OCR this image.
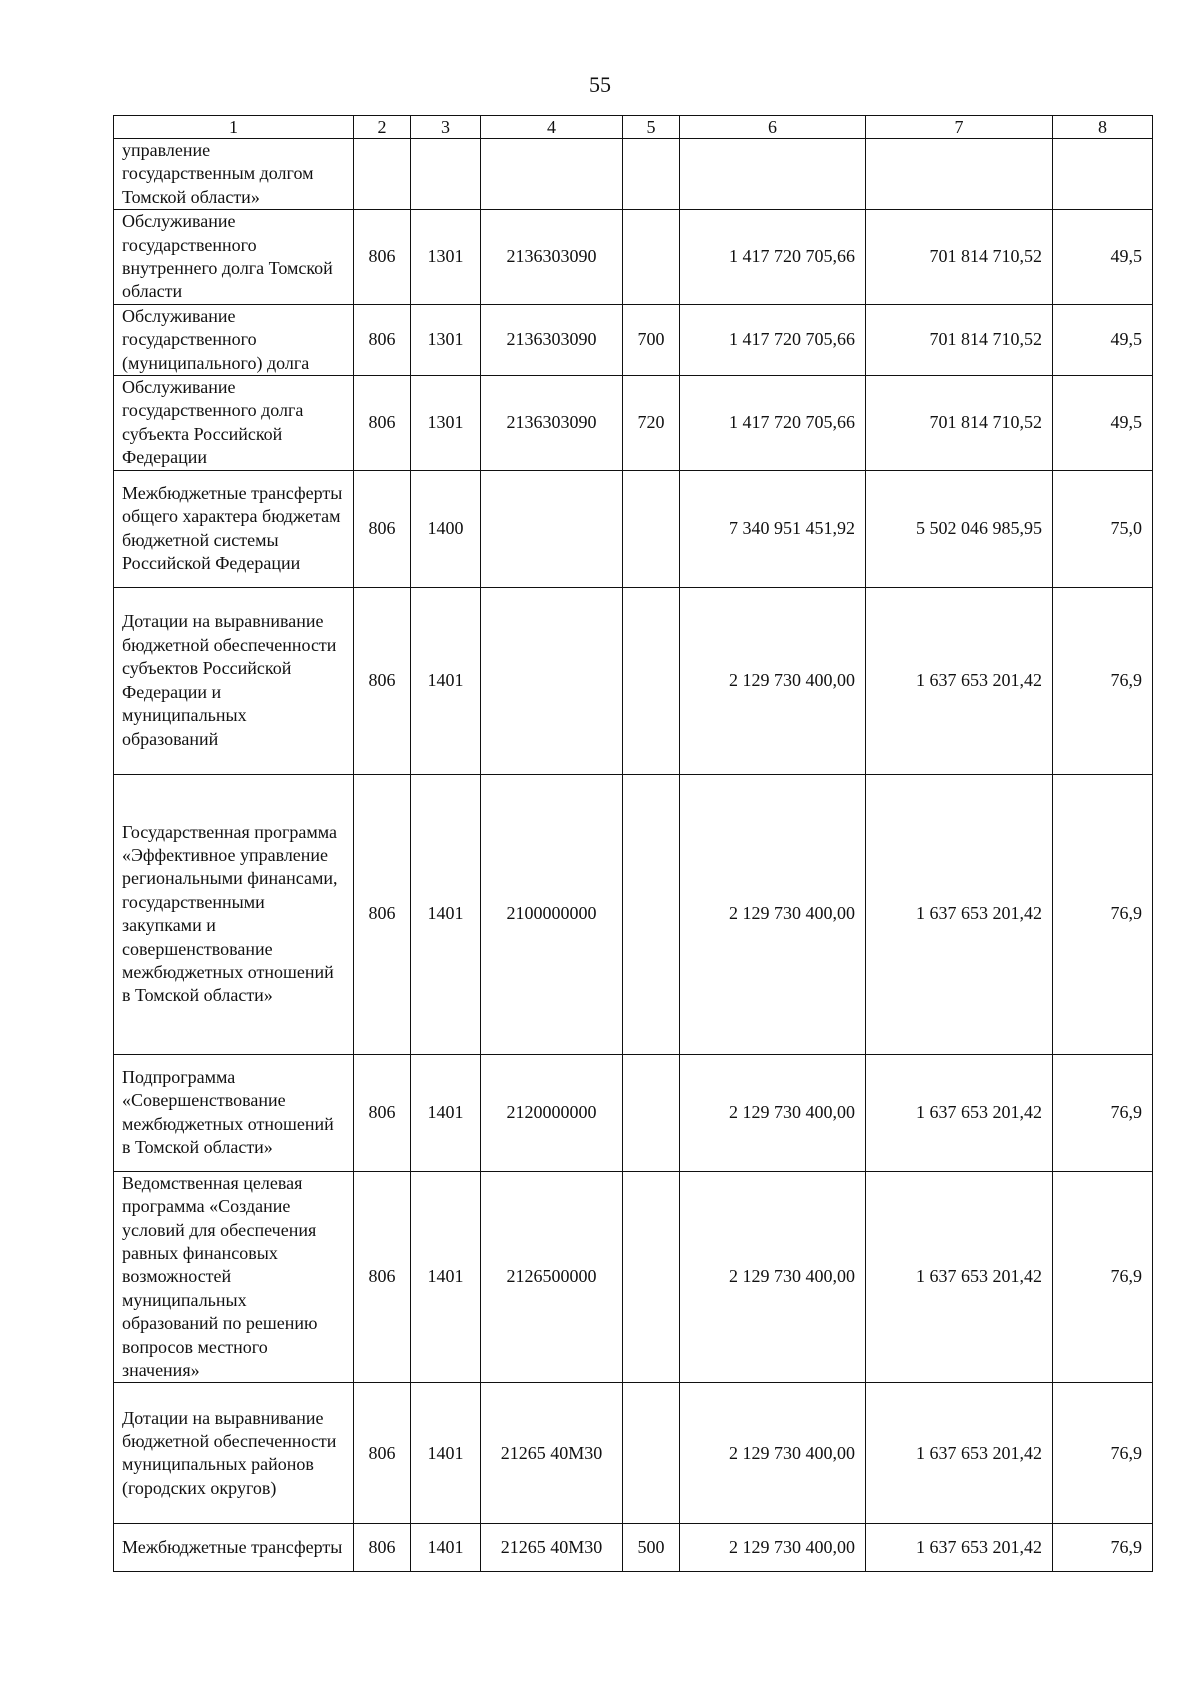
55
1	2	3	4	5	6	7	8
управление государственным долгом Томской области»							
Обслуживание государственного внутреннего долга Томской области	806	1301	2136303090		1 417 720 705,66	701 814 710,52	49,5
Обслуживание государственного (муниципального) долга	806	1301	2136303090	700	1 417 720 705,66	701 814 710,52	49,5
Обслуживание государственного долга субъекта Российской Федерации	806	1301	2136303090	720	1 417 720 705,66	701 814 710,52	49,5
Межбюджетные трансферты общего характера бюджетам бюджетной системы Российской Федерации	806	1400			7 340 951 451,92	5 502 046 985,95	75,0
Дотации на выравнивание бюджетной обеспеченности субъектов Российской Федерации и муниципальных образований	806	1401			2 129 730 400,00	1 637 653 201,42	76,9
Государственная программа «Эффективное управление региональными финансами, государственными закупками и совершенствование межбюджетных отношений в Томской области»	806	1401	2100000000		2 129 730 400,00	1 637 653 201,42	76,9
Подпрограмма «Совершенствование межбюджетных отношений в Томской области»	806	1401	2120000000		2 129 730 400,00	1 637 653 201,42	76,9
Ведомственная целевая программа «Создание условий для обеспечения равных финансовых возможностей муниципальных образований по решению вопросов местного значения»	806	1401	2126500000		2 129 730 400,00	1 637 653 201,42	76,9
Дотации на выравнивание бюджетной обеспеченности муниципальных районов (городских округов)	806	1401	21265 40M30		2 129 730 400,00	1 637 653 201,42	76,9
Межбюджетные трансферты	806	1401	21265 40M30	500	2 129 730 400,00	1 637 653 201,42	76,9
